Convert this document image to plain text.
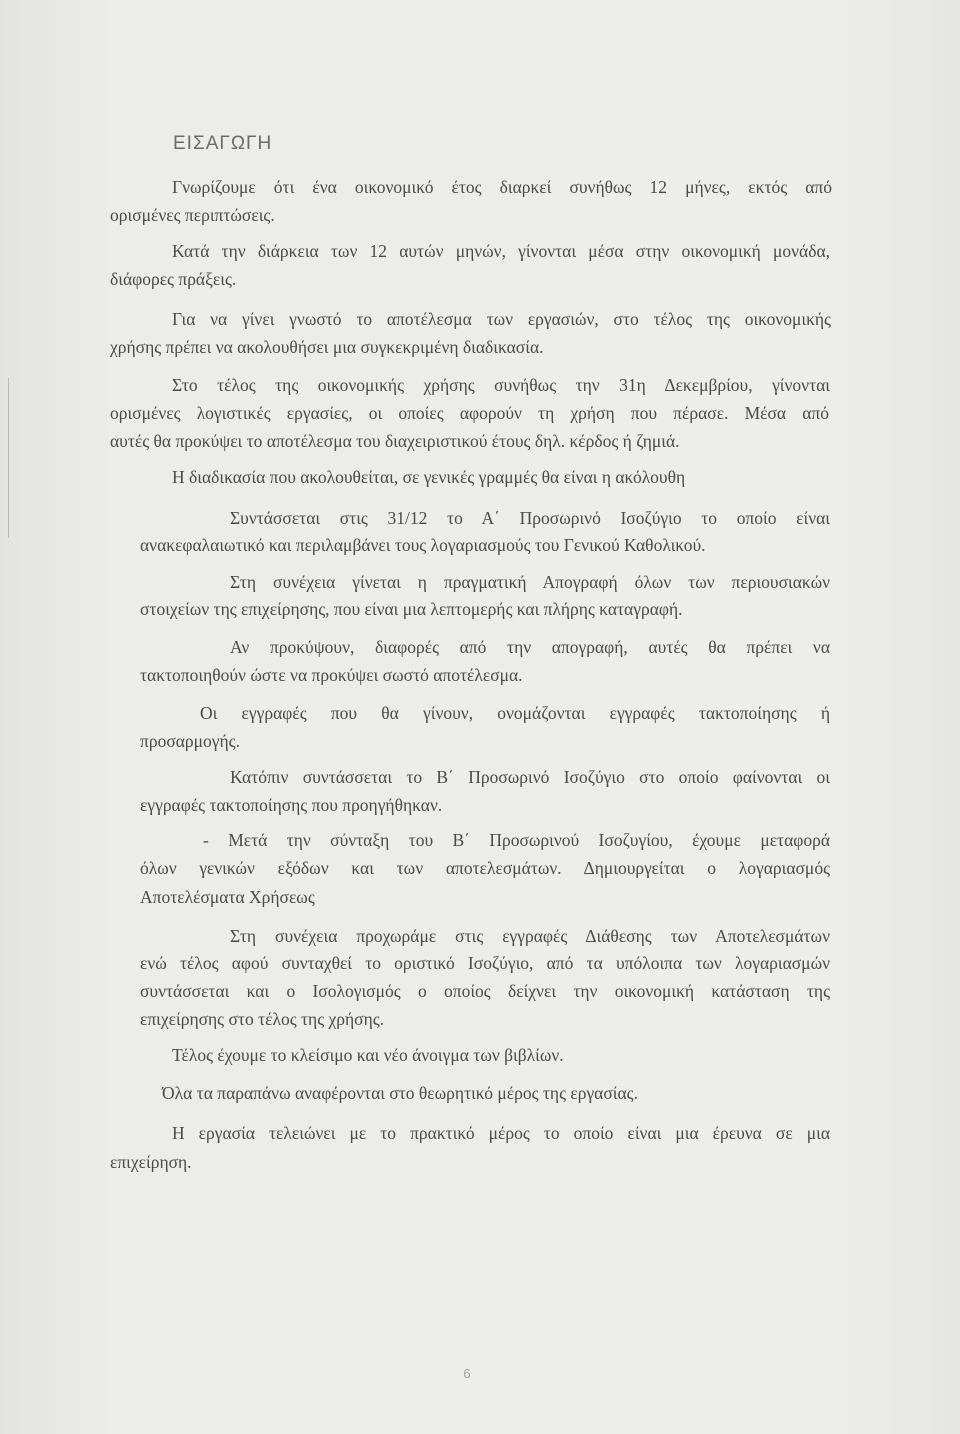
ΕΙΣΑΓΩΓΗ
Γνωρίζουμε ότι ένα οικονομικό έτος διαρκεί συνήθως 12 μήνες, εκτός από
ορισμένες περιπτώσεις.
Κατά την διάρκεια των 12 αυτών μηνών, γίνονται μέσα στην οικονομική μονάδα,
διάφορες πράξεις.
Για να γίνει γνωστό το αποτέλεσμα των εργασιών, στο τέλος της οικονομικής
χρήσης πρέπει να ακολουθήσει μια συγκεκριμένη διαδικασία.
Στο τέλος της οικονομικής χρήσης συνήθως την 31η Δεκεμβρίου, γίνονται
ορισμένες λογιστικές εργασίες, οι οποίες αφορούν τη χρήση που πέρασε. Μέσα από
αυτές θα προκύψει το αποτέλεσμα του διαχειριστικού έτους δηλ. κέρδος ή ζημιά.
Η διαδικασία που ακολουθείται, σε γενικές γραμμές θα είναι η ακόλουθη
Συντάσσεται στις 31/12 το Α΄ Προσωρινό Ισοζύγιο το οποίο είναι
ανακεφαλαιωτικό και περιλαμβάνει τους λογαριασμούς του Γενικού Καθολικού.
Στη συνέχεια γίνεται η πραγματική Απογραφή όλων των περιουσιακών
στοιχείων της επιχείρησης, που είναι μια λεπτομερής και πλήρης καταγραφή.
Αν προκύψουν, διαφορές από την απογραφή, αυτές θα πρέπει να
τακτοποιηθούν ώστε να προκύψει σωστό αποτέλεσμα.
Οι εγγραφές που θα γίνουν, ονομάζονται εγγραφές τακτοποίησης ή
προσαρμογής.
Κατόπιν συντάσσεται το Β΄ Προσωρινό Ισοζύγιο στο οποίο φαίνονται οι
εγγραφές τακτοποίησης που προηγήθηκαν.
- Μετά την σύνταξη του Β΄ Προσωρινού Ισοζυγίου, έχουμε μεταφορά
όλων γενικών εξόδων και των αποτελεσμάτων. Δημιουργείται ο λογαριασμός
Αποτελέσματα Χρήσεως
Στη συνέχεια προχωράμε στις εγγραφές Διάθεσης των Αποτελεσμάτων
ενώ τέλος αφού συνταχθεί το οριστικό Ισοζύγιο, από τα υπόλοιπα των λογαριασμών
συντάσσεται και ο Ισολογισμός ο οποίος δείχνει την οικονομική κατάσταση της
επιχείρησης στο τέλος της χρήσης.
Τέλος έχουμε το κλείσιμο και νέο άνοιγμα των βιβλίων.
Όλα τα παραπάνω αναφέρονται στο θεωρητικό μέρος της εργασίας.
Η εργασία τελειώνει με το πρακτικό μέρος το οποίο είναι μια έρευνα σε μια
επιχείρηση.
6
